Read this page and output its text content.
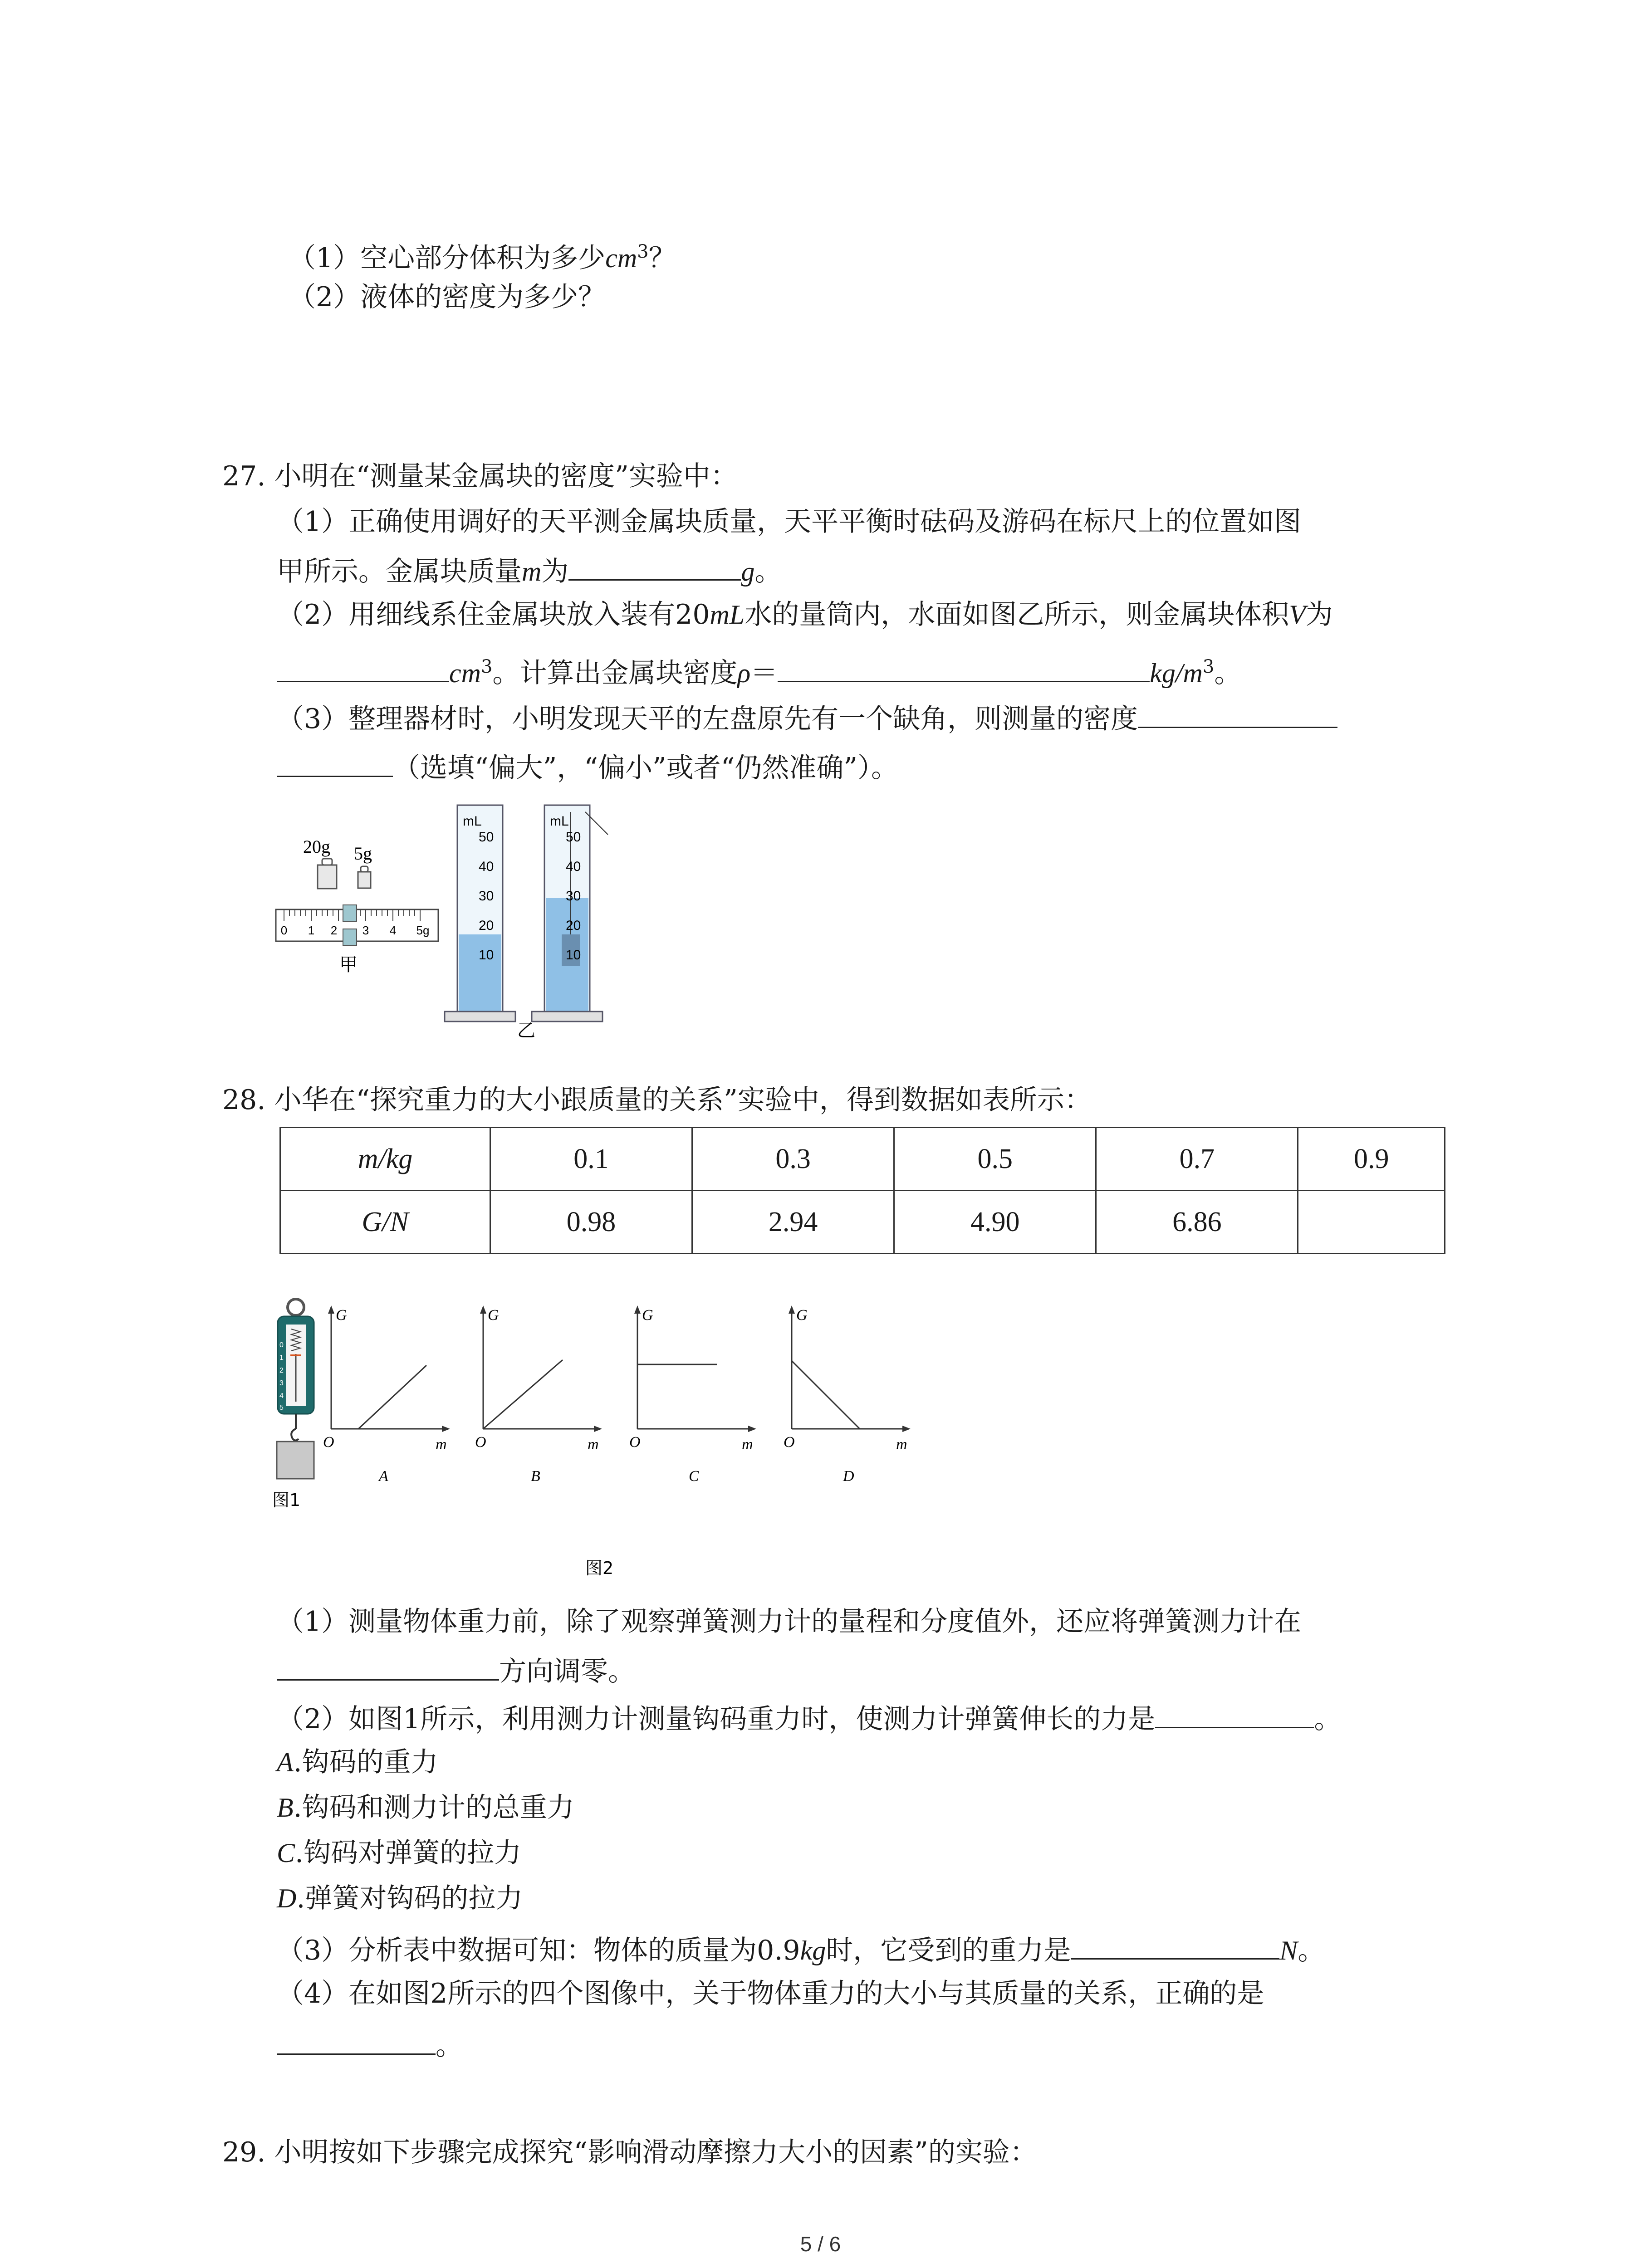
（1）空心部分体积为多少$cm^3$？
（2）液体的密度为多少？
27. 小明在“测量某金属块的密度”实验中：
（1）正确使用调好的天平测金属块质量，天平平衡时砝码及游码在标尺上的位置如图
甲所示。金属块质量m为	g。
（2）用细线系住金属块放入装有20mL水的量筒内，水面如图乙所示，则金属块体积V为
$cm^3$。计算出金属块密度ρ＝	$kg/m^3$。
（3）整理器材时，小明发现天平的左盘原先有一个缺角，则测量的密度
（选填“偏大”，“偏小”或者“仍然准确”）。
20g 5g
0 1 2 3 4 5g
甲
mL
50
40
30
20
10
mL
50
40
30
20
10
乙
28. 小华在“探究重力的大小跟质量的关系”实验中，得到数据如表所示：
m/kg	0.1	0.3	0.5	0.7	0.9
G/N	0.98	2.94	4.90	6.86	
0
1
2
3
4
5
图1
G
m
O
A
G
m
O
B
G
m
O
C
G
m
O
D
图2
（1）测量物体重力前，除了观察弹簧测力计的量程和分度值外，还应将弹簧测力计在
方向调零。
（2）如图1所示，利用测力计测量钩码重力时，使测力计弹簧伸长的力是	。
A.钩码的重力
B.钩码和测力计的总重力
C.钩码对弹簧的拉力
D.弹簧对钩码的拉力
（3）分析表中数据可知：物体的质量为0.9kg时，它受到的重力是	N。
（4）在如图2所示的四个图像中，关于物体重力的大小与其质量的关系，正确的是
。
29. 小明按如下步骤完成探究“影响滑动摩擦力大小的因素”的实验：
5 / 6
